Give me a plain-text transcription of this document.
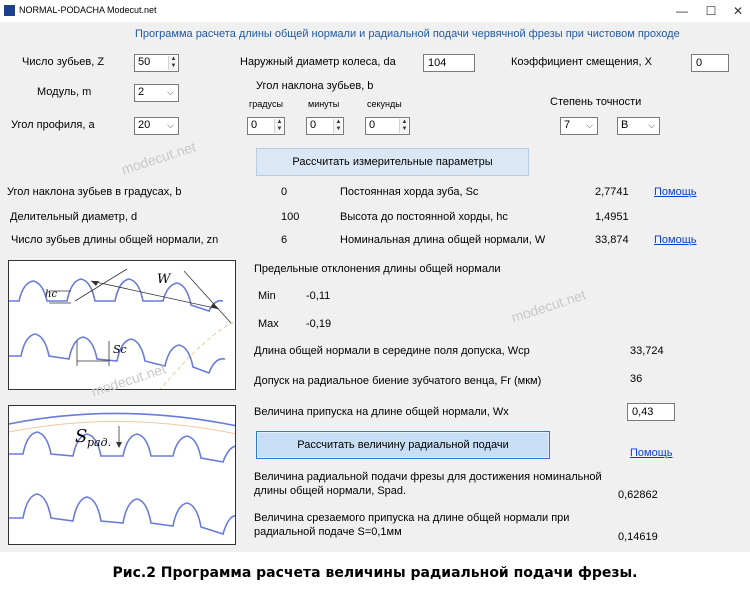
NORMAL-PODACHA Modecut.net	—	☐	✕
Программа расчета длины общей нормали и радиальной подачи червячной фрезы при чистовом проходе
Число зубьев, Z	50	▲
▼	Наружный диаметр колеса, da	104	Коэффициент смещения, X	0
Модуль, m	2	⌵	Угол наклона зубьев, b
градусы	минуты	секунды	Степень точности
Угол профиля, a	20 ⌵	0	▲
▼	0	▲
▼	0	▲
▼	7 ⌵	B ⌵
modecut.net	Рассчитать измерительные параметры
Угол наклона зубьев в градусах, b	0	Постоянная хорда зуба, Sc	2,7741 Помощь
Делительный диаметр, d	100	Высота до постоянной хорды, hc	1,4951
Число зубьев длины общей нормали, zn	6	Номинальная длина общей нормали, W	33,874 Помощь
W
Sc
hc
modecut.net
modecut.net
Предельные отклонения длины общей нормали
Min	-0,11
Max -0,19
Длина общей нормали в середине поля допуска, Wcp	33,724
Допуск на радиальное биение зубчатого венца, Fr (мкм)	36
Величина припуска на длине общей нормали, Wx	0,43
S рад.	Рассчитать величину радиальной подачи
Помощь
Величина радиальной подачи фрезы для достижения номинальной
длины общей нормали, Spad.	0,62862
Величина срезаемого припуска на длине общей нормали при
радиальной подаче S=0,1мм	0,14619
Рис.2 Программа расчета величины радиальной подачи фрезы.
